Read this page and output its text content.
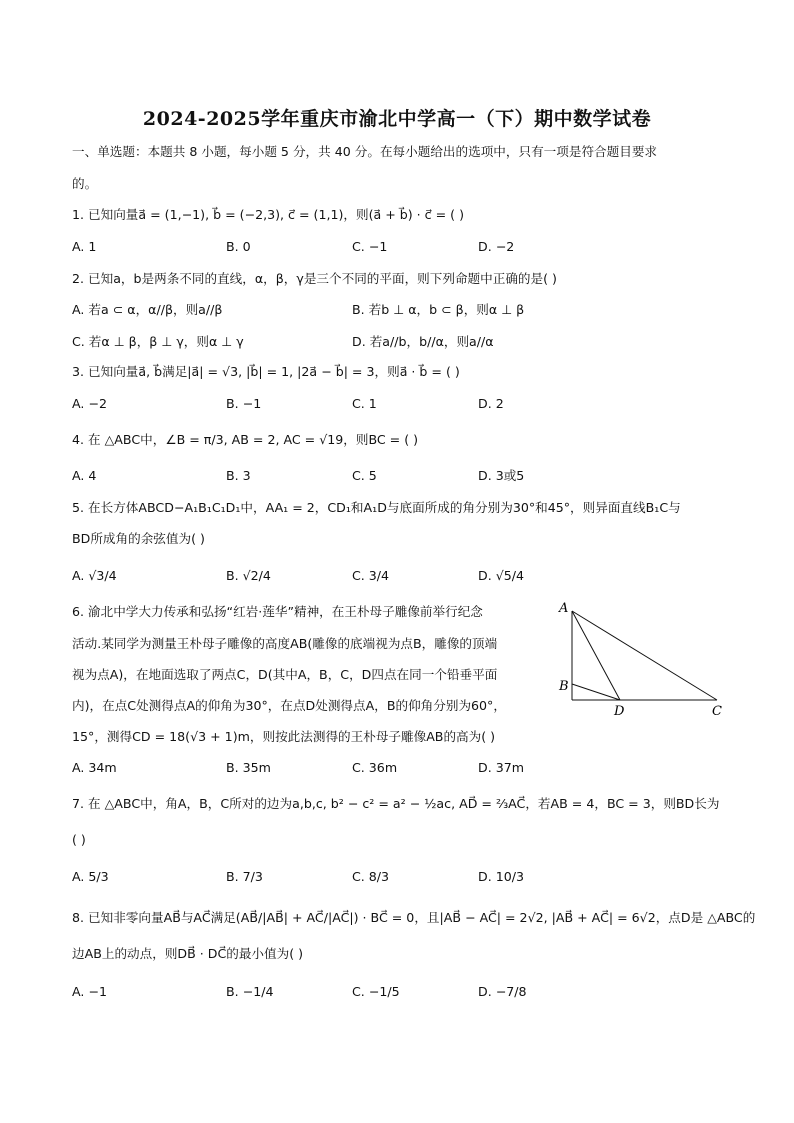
2024-2025学年重庆市渝北中学高一（下）期中数学试卷
一、单选题：本题共 8 小题，每小题 5 分，共 40 分。在每小题给出的选项中，只有一项是符合题目要求
的。
1. 已知向量a⃗ = (1,−1), b⃗ = (−2,3), c⃗ = (1,1)，则(a⃗ + b⃗) · c⃗ = ( )
A. 1	B. 0	C. −1	D. −2
2. 已知a，b是两条不同的直线，α，β，γ是三个不同的平面，则下列命题中正确的是( )
A. 若a ⊂ α，α//β，则a//β	B. 若b ⊥ α，b ⊂ β，则α ⊥ β
C. 若α ⊥ β，β ⊥ γ，则α ⊥ γ	D. 若a//b，b//α，则a//α
3. 已知向量a⃗, b⃗满足|a⃗| = √3, |b⃗| = 1, |2a⃗ − b⃗| = 3，则a⃗ · b⃗ = ( )
A. −2	B. −1	C. 1	D. 2
4. 在 △ABC中，∠B = π/3, AB = 2, AC = √19，则BC = ( )
A. 4	B. 3	C. 5	D. 3或5
5. 在长方体ABCD−A₁B₁C₁D₁中，AA₁ = 2，CD₁和A₁D与底面所成的角分别为30°和45°，则异面直线B₁C与
BD所成角的余弦值为( )
A. √3/4	B. √2/4	C. 3/4	D. √5/4
6. 渝北中学大力传承和弘扬“红岩·莲华”精神，在王朴母子雕像前举行纪念
活动.某同学为测量王朴母子雕像的高度AB(雕像的底端视为点B，雕像的顶端
视为点A)，在地面选取了两点C，D(其中A，B，C，D四点在同一个铅垂平面
内)，在点C处测得点A的仰角为30°，在点D处测得点A，B的仰角分别为60°，
15°，测得CD = 18(√3 + 1)m，则按此法测得的王朴母子雕像AB的高为( )
A. 34m	B. 35m	C. 36m	D. 37m
A
B
D	C
7. 在 △ABC中，角A，B，C所对的边为a,b,c, b² − c² = a² − ½ac, AD⃗ = ⅔AC⃗，若AB = 4，BC = 3，则BD长为
( )
A. 5/3	B. 7/3	C. 8/3	D. 10/3
8. 已知非零向量AB⃗与AC⃗满足(AB⃗/|AB⃗| + AC⃗/|AC⃗|) · BC⃗ = 0，且|AB⃗ − AC⃗| = 2√2, |AB⃗ + AC⃗| = 6√2，点D是 △ABC的
边AB上的动点，则DB⃗ · DC⃗的最小值为( )
A. −1	B. −1/4	C. −1/5	D. −7/8
